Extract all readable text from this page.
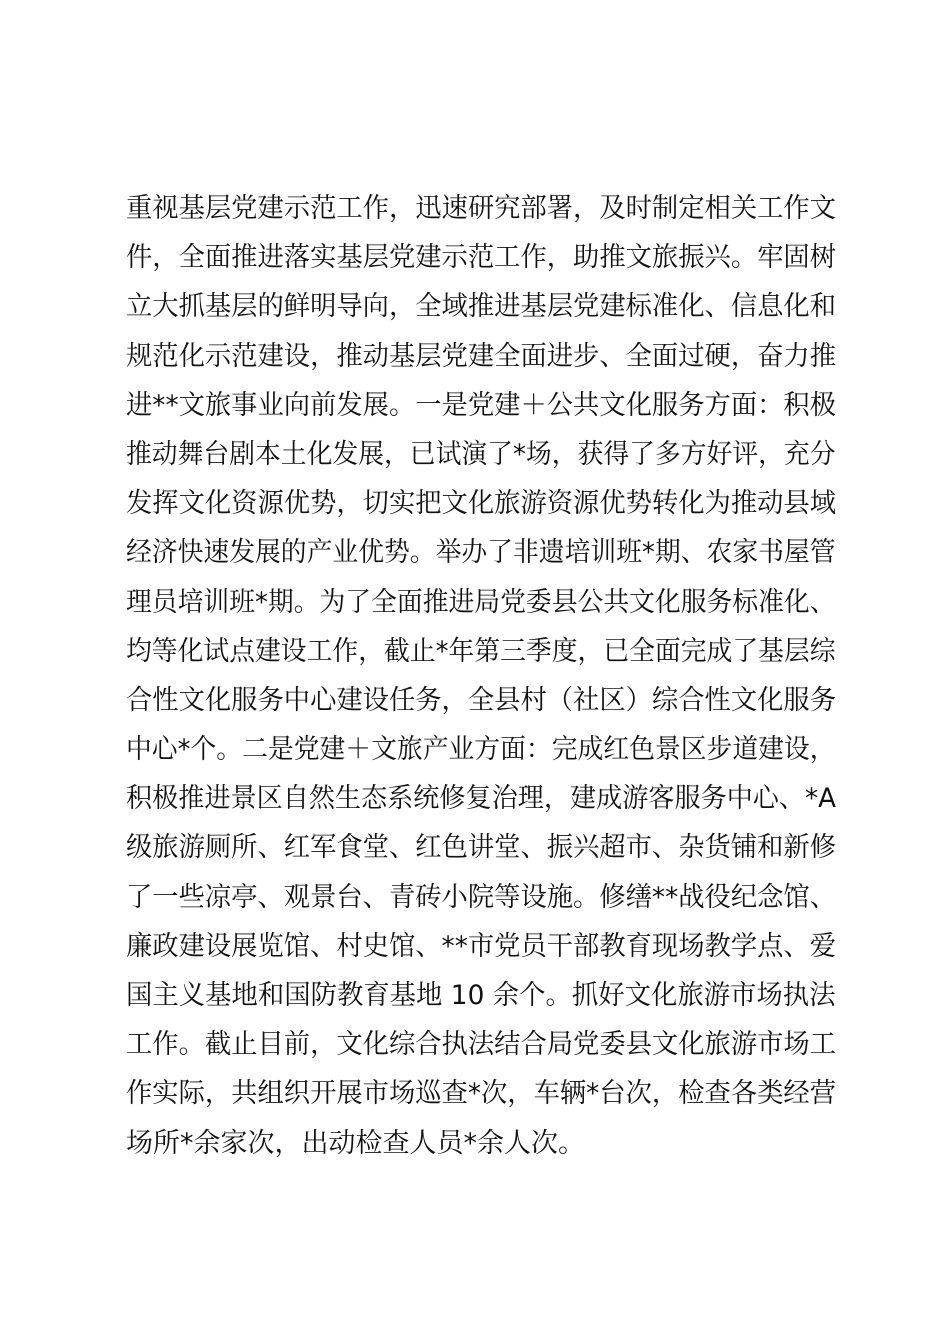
重视基层党建示范工作，迅速研究部署，及时制定相关工作文
件，全面推进落实基层党建示范工作，助推文旅振兴。牢固树
立大抓基层的鲜明导向，全域推进基层党建标准化、信息化和
规范化示范建设，推动基层党建全面进步、全面过硬，奋力推
进**文旅事业向前发展。一是党建＋公共文化服务方面：积极
推动舞台剧本土化发展，已试演了*场，获得了多方好评，充分
发挥文化资源优势，切实把文化旅游资源优势转化为推动县域
经济快速发展的产业优势。举办了非遗培训班*期、农家书屋管
理员培训班*期。为了全面推进局党委县公共文化服务标准化、
均等化试点建设工作，截止*年第三季度，已全面完成了基层综
合性文化服务中心建设任务，全县村（社区）综合性文化服务
中心*个。二是党建＋文旅产业方面：完成红色景区步道建设，
积极推进景区自然生态系统修复治理，建成游客服务中心、*A
级旅游厕所、红军食堂、红色讲堂、振兴超市、杂货铺和新修
了一些凉亭、观景台、青砖小院等设施。修缮**战役纪念馆、
廉政建设展览馆、村史馆、**市党员干部教育现场教学点、爱
国主义基地和国防教育基地 10 余个。抓好文化旅游市场执法
工作。截止目前，文化综合执法结合局党委县文化旅游市场工
作实际，共组织开展市场巡查*次，车辆*台次，检查各类经营
场所*余家次，出动检查人员*余人次。
